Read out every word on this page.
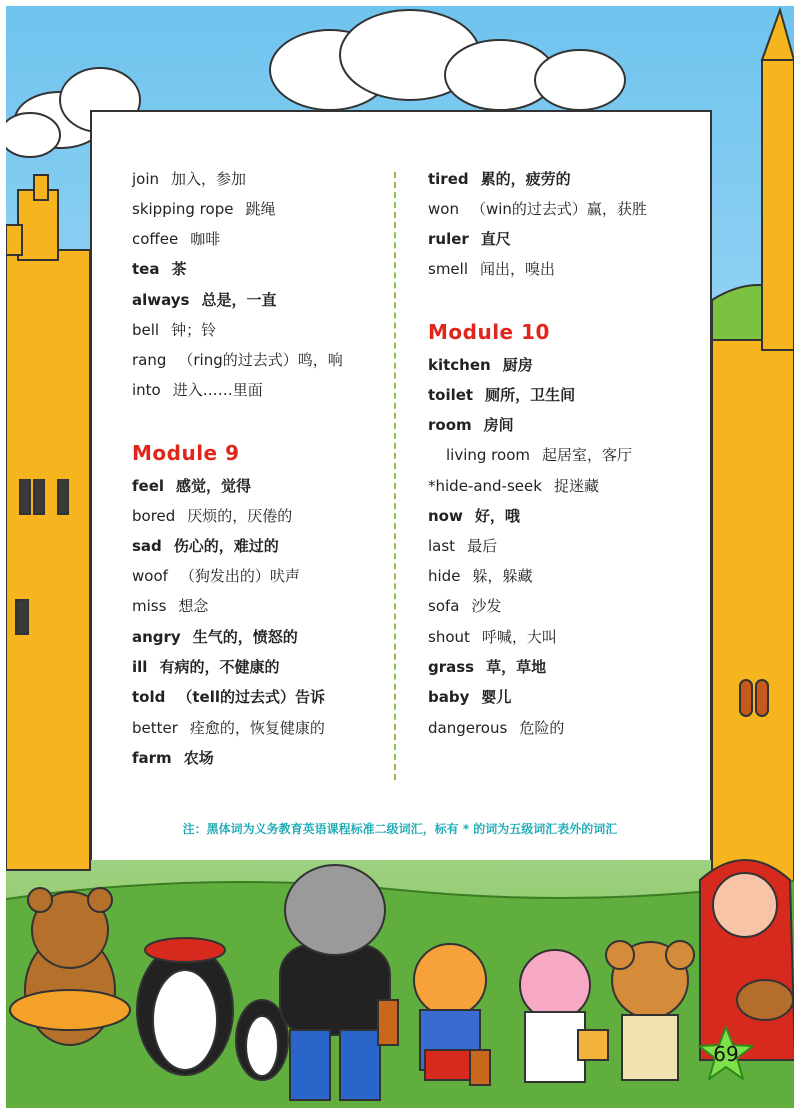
join 加入，参加
skipping rope 跳绳
coffee 咖啡
tea 茶
always 总是，一直
bell 钟；铃
rang （ring的过去式）鸣，响
into 进入……里面
Module 9
feel 感觉，觉得
bored 厌烦的，厌倦的
sad 伤心的，难过的
woof （狗发出的）吠声
miss 想念
angry 生气的，愤怒的
ill 有病的，不健康的
told （tell的过去式）告诉
better 痊愈的，恢复健康的
farm 农场
tired 累的，疲劳的
won （win的过去式）赢，获胜
ruler 直尺
smell 闻出，嗅出
Module 10
kitchen 厨房
toilet 厕所，卫生间
room 房间
living room 起居室，客厅
*hide-and-seek 捉迷藏
now 好，哦
last 最后
hide 躲，躲藏
sofa 沙发
shout 呼喊，大叫
grass 草，草地
baby 婴儿
dangerous 危险的
注：黑体词为义务教育英语课程标准二级词汇，标有 * 的词为五级词汇表外的词汇
69
